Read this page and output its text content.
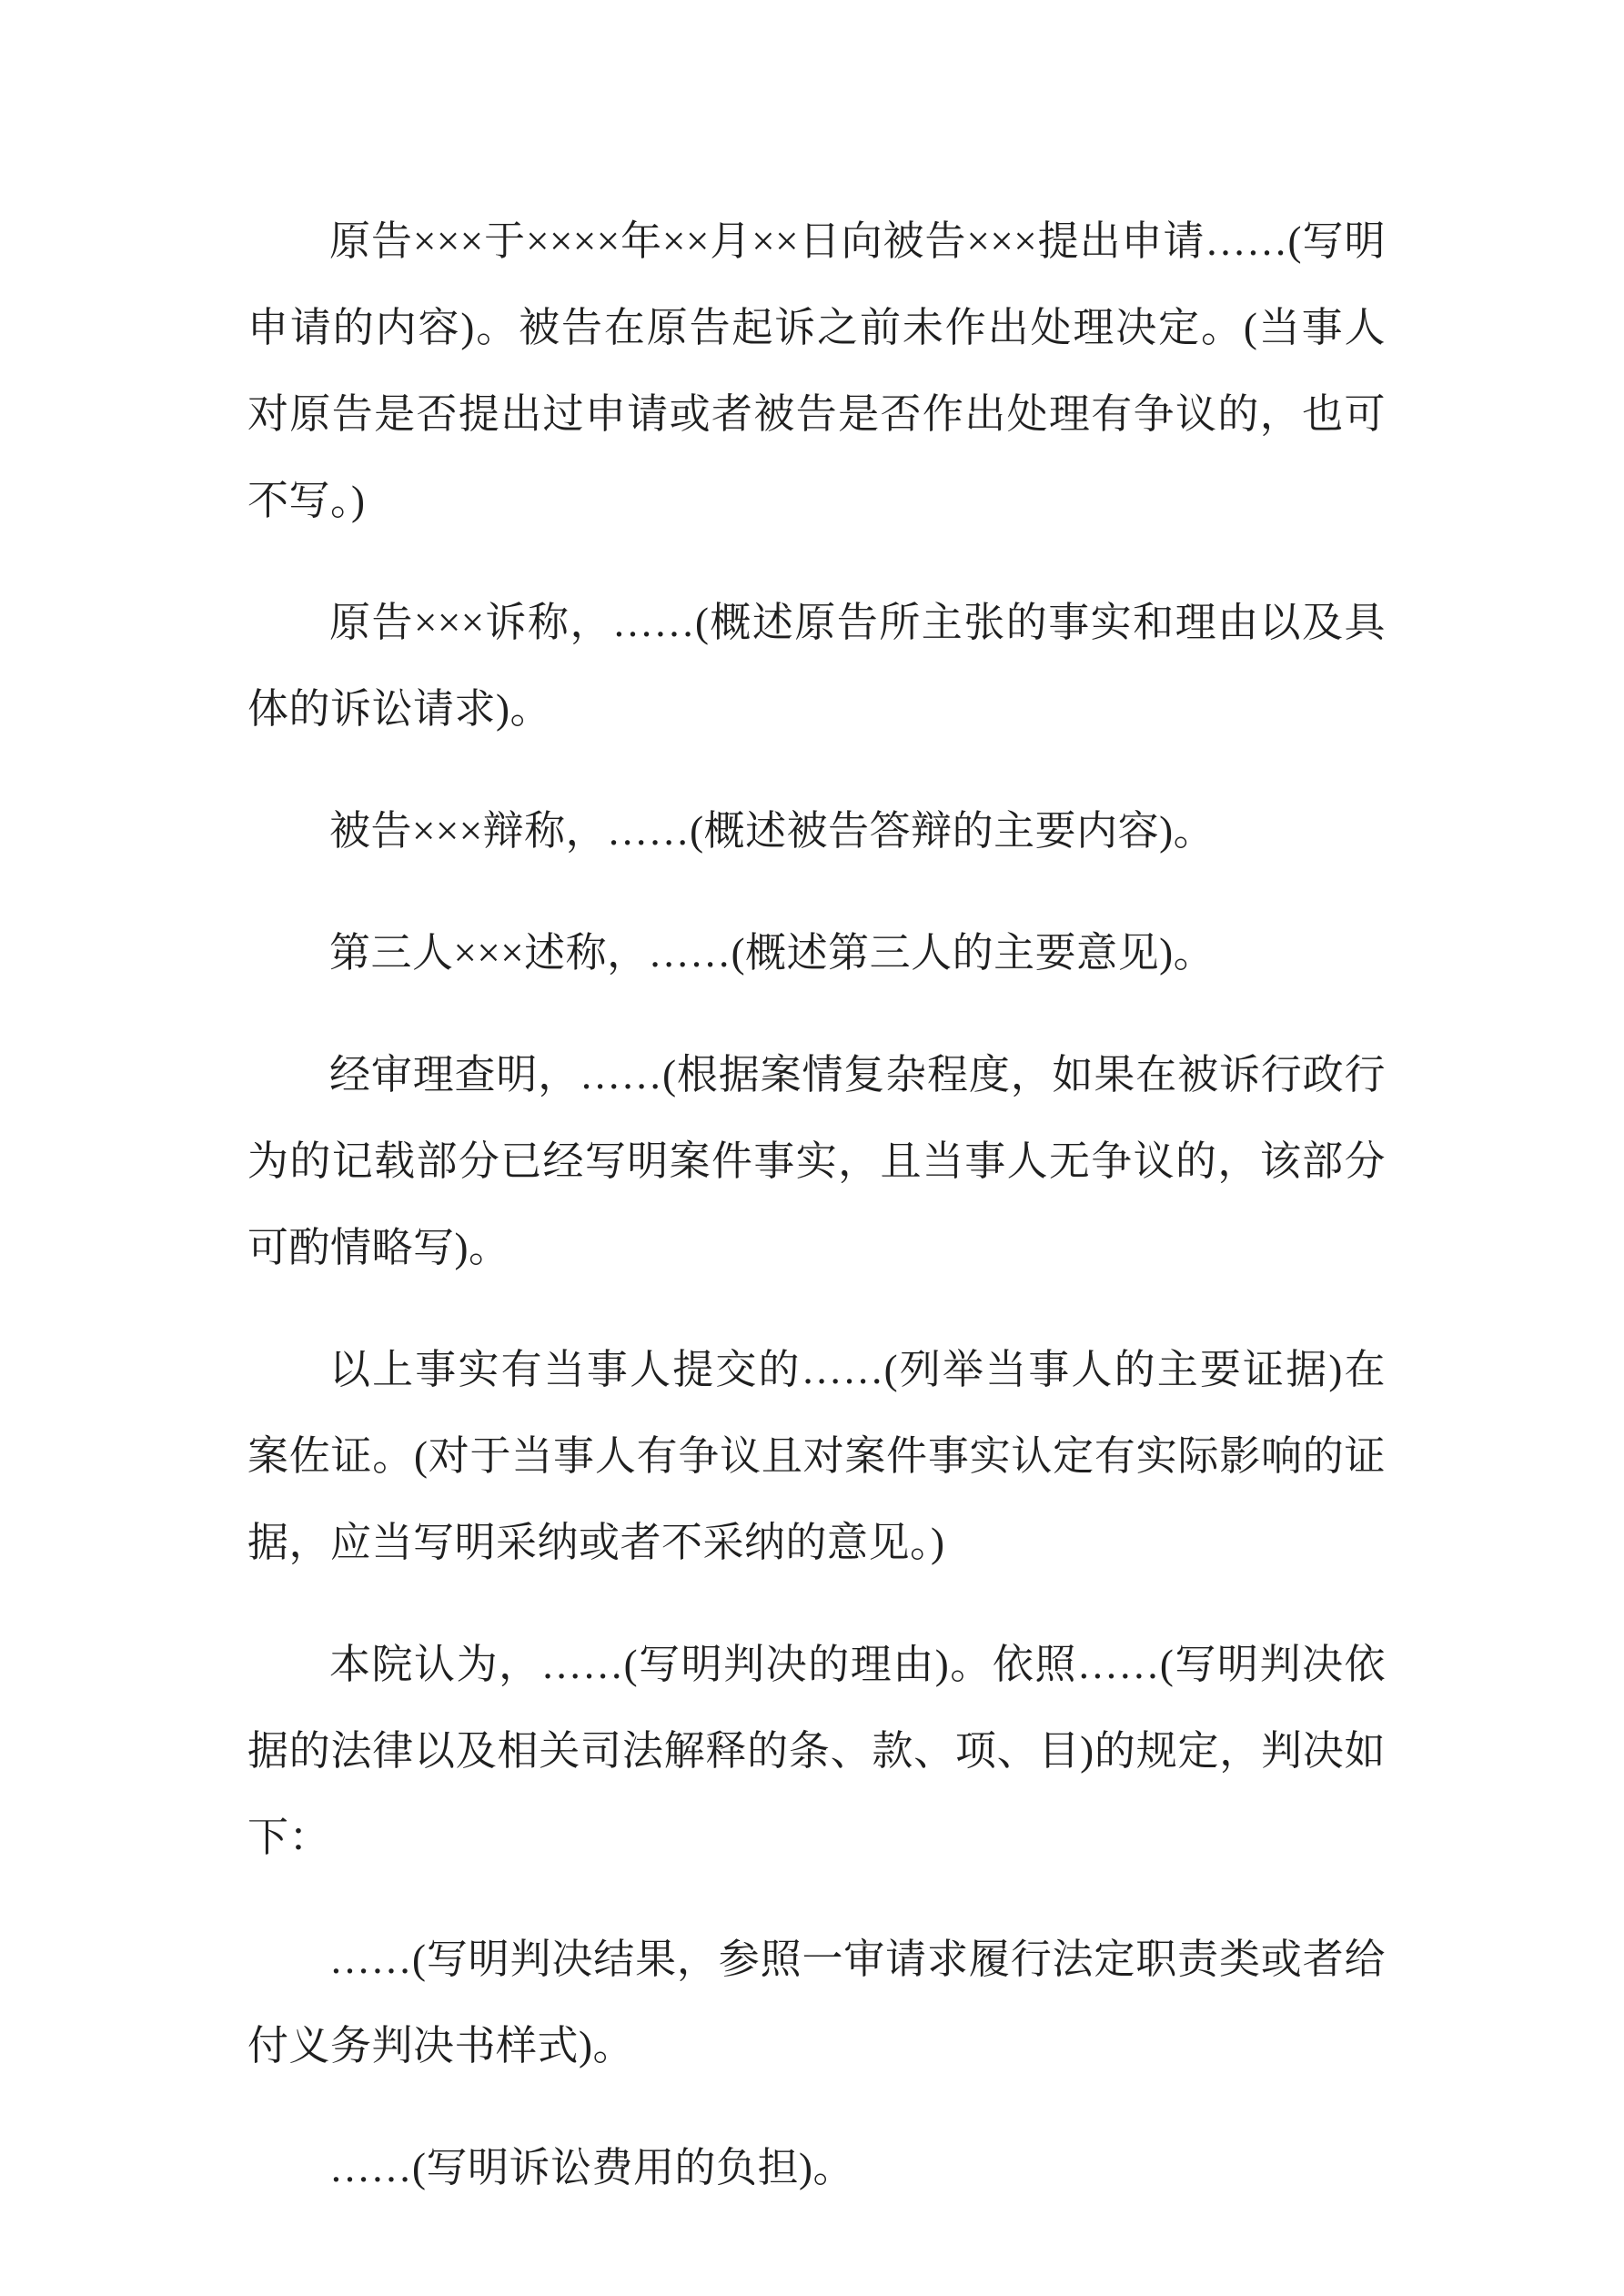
原告×××于××××年××月××日向被告×××提出申请……(写明申请的内容)。被告在原告起诉之前未作出处理决定。(当事人对原告是否提出过申请或者被告是否作出处理有争议的，也可不写。)

原告×××诉称，……(概述原告所主张的事实和理由以及具体的诉讼请求)。

被告×××辩称，……(概述被告答辩的主要内容)。

第三人×××述称，……(概述第三人的主要意见)。

经审理查明，……(根据案情复杂程度，如果在被诉行政行为的记载部分已经写明案件事实，且当事人无争议的，该部分可酌情略写)。

以上事实有当事人提交的……(列举当事人的主要证据)在案佐证。(对于当事人有争议且对案件事实认定有实际影响的证据，应当写明采纳或者不采纳的意见。)

本院认为，……(写明判决的理由)。依照……(写明判决依据的法律以及相关司法解释的条、款、项、目)的规定，判决如下：

……(写明判决结果，参照一审请求履行法定职责类或者给付义务判决书样式)。

……(写明诉讼费用的负担)。
